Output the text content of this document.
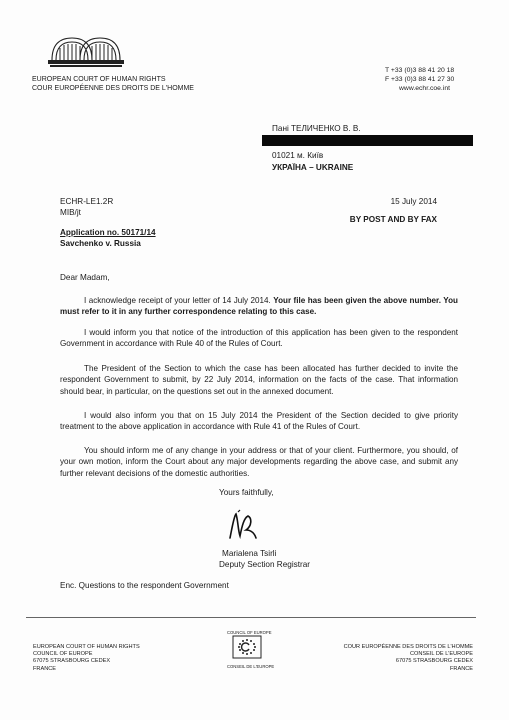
EUROPEAN COURT OF HUMAN RIGHTS
COUR EUROPÉENNE DES DROITS DE L'HOMME
T +33 (0)3 88 41 20 18
F +33 (0)3 88 41 27 30
www.echr.coe.int
Пані ТЕЛИЧЕНКО В. В.
01021 м. Київ
УКРАЇНА – UKRAINE
ECHR-LE1.2R
MIB/jt
15 July 2014
BY POST AND BY FAX
Application no. 50171/14
Savchenko v. Russia
Dear Madam,
I acknowledge receipt of your letter of 14 July 2014. Your file has been given the above number. You must refer to it in any further correspondence relating to this case.
I would inform you that notice of the introduction of this application has been given to the respondent Government in accordance with Rule 40 of the Rules of Court.
The President of the Section to which the case has been allocated has further decided to invite the respondent Government to submit, by 22 July 2014, information on the facts of the case. That information should bear, in particular, on the questions set out in the annexed document.
I would also inform you that on 15 July 2014 the President of the Section decided to give priority treatment to the above application in accordance with Rule 41 of the Rules of Court.
You should inform me of any change in your address or that of your client. Furthermore, you should, of your own motion, inform the Court about any major developments regarding the above case, and submit any further relevant decisions of the domestic authorities.
Yours faithfully,
Marialena Tsirli
Deputy Section Registrar
Enc. Questions to the respondent Government
EUROPEAN COURT OF HUMAN RIGHTS
COUNCIL OF EUROPE
67075 STRASBOURG CEDEX
FRANCE
COUNCIL OF EUROPE
CONSEIL DE L'EUROPE
COUR EUROPÉENNE DES DROITS DE L'HOMME
CONSEIL DE L'EUROPE
67075 STRASBOURG CEDEX
FRANCE
